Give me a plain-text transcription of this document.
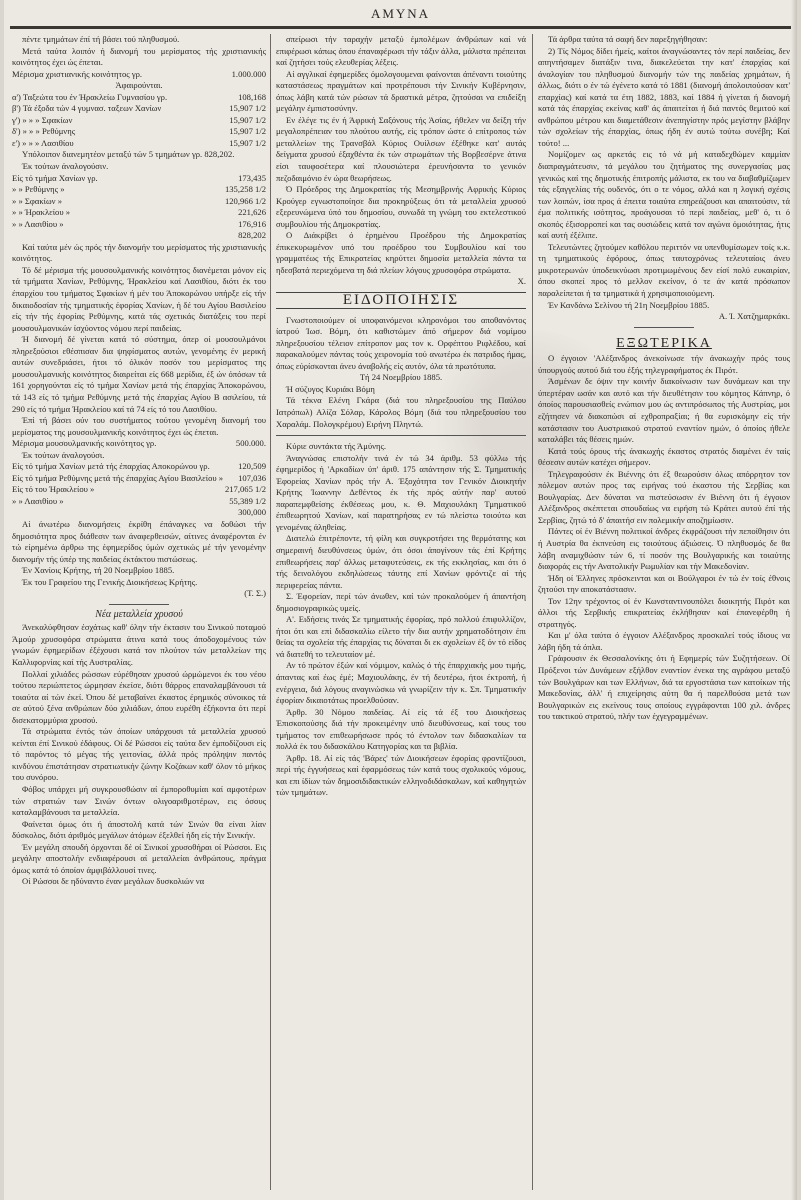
ΑΜΥΝΑ

πέντε τμημάτων έπί τή βάσει τού πληθυσμού.

Μετά ταύτα λοιπόν ή διανομή του μερίσματος τής χριστιανικής κοινότητος έχει ώς έπεται.

Μέρισμα χριστιανικής κοινότητος γρ.	1.000.000

Άφαιρούνται.

α') Ταξεώτα του έν Ήρακλείω Γυμνασίου γρ.	108,168
β') Τά έξοδα τών 4 γυμνασ. ταξεων Χανίων	15,907 1/2
γ') » » » Σφακίων	15,907 1/2
δ') » » » Ρεθύμνης	15,907 1/2
ε') » » » Λασιθίου	15,907 1/2

Υπόλοιπον διανεμητέον μεταξύ τών 5 τμημάτων γρ. 828,202.

Έκ τούτων άναλογούσιν.

Είς τό τμήμα Χανίων γρ.	173,435
» » Ρεθύμνης »	135,258 1/2
» » Σφακίων »	120,966 1/2
» » Ήρακλείου »	221,626
» » Λασιθίου »	176,916
828,202

Καί ταύτα μέν ώς πρός τήν διανομήν του μερίσματος τής χριστιανικής κοινότητος.

Τό δέ μέρισμα τής μουσουλμανικής κοινότητος διανέμεται μόνον είς τά τμήματα Χανίων, Ρεθύμνης, Ήρακλείου καί Λασιθίου, διότι έκ του έπαρχίου του τμήματος Σφακίων ή μέν του Άποκορώνου υπήρξε είς τήν δικαιοδοσίαν τής τμηματικής έφορίας Χανίων, ή δέ του Αγίου Βασιλείου είς τήν τής έφορίας Ρεθύμνης, κατά τάς σχετικάς διατάξεις του περί μουσουλμανικών ίσχύοντος νόμου περί παιδείας.

Ή διανομή δέ γίνεται κατά τό σύστημα, όπερ οί μουσουλμάνοι πληρεξούσιοι εθέσπισαν δια ψηφίσματος αυτών, γενομένης έν μερική αυτών συνεδριάσει, ήτοι τό όλικόν ποσόν του μερίσματος της μουσουλμανικής κοινότητος διαιρείται είς 668 μερίδια, έξ ών όπόσων τά 161 χορηγούνται είς τό τμήμα Χανίων μετά τής έπαρχίας Άποκορώνου, τά 143 είς τό τμήμα Ρεθύμνης μετά τής έπαρχίας Αγίου Β ασιλείου, τά 290 είς τό τμήμα Ήρακλείου καί τά 74 είς τό του Λασιθίου.

Έπί τή βάσει ούν του συστήματος τούτου γενομένη διανομή του μερίσματος της μουσουλμανικής κοινότητος έχει ώς έπεται.

Μέρισμα μουσουλμανικής κοινότητος γρ.	500.000.

Έκ τούτων άναλογούσι.

Είς τό τμήμα Χανίων μετά τής έπαρχίας Αποκορώνου γρ.	120,509
Είς τό τμήμα Ρεθύμνης μετά τής έπαρχίας Αγίου Βασιλείου » 107,036
Είς τό του Ήρακλείου »	217,065 1/2
» » Λασιθίου »	55,389 1/2
300,000

Αί άνωτέρω διανομήσεις έκρίθη έπάναγκες να δοθώσι τήν δημοσιότητα προς διάθεσιν των άναφερθεισών, αίτινες άναφέρονται έν τώ είρημένω άρθρω της έφημερίδος ύμών σχετικώς μέ τήν γενομένην διανομήν τής ύπέρ της παιδείας έκτάκτου πιστώσεως.

Έν Χανίοις Κρήτης, τή 20 Νοεμβρίου 1885.

Έκ του Γραφείου της Γενικής Διοικήσεως Κρήτης.

(Τ. Σ.)
Νέα μεταλλεία χρυσού

Άνεκαλύφθησαν έσχάτως καθ' όλην τήν έκτασιν του Σινικού ποταμού Άμούρ χρυσοφόρα στρώματα άτινα κατά τους άποδοχομένους τών γνωμών έφημερίδων έξέχουσι κατά τον πλούτον τών μεταλλείων της Καλλιφορνίας καί τής Αυστραλίας.

Πολλαί χιλιάδες ρώσσων εύρέθησαν χρυσού ώρμώμενοι έκ του νέου τούτου περιώπτετος ώρμησαν έκείσε, διότι θάρρος επαναλαμβάνουσι τά τοιαύτα αί τών έκεί. Όπου δέ μεταβαίνει έκαστος έρημικός σύνοικος τά σε αύτού ξένα ανθρώπων δύο χιλιάδων, όπου ευρέθη έξήκοντα ότι περί δισεκατομμύρια χρυσού.

Τά στρώματα έντός τών όποίων υπάρχουσι τά μεταλλεία χρυσού κείνται έπί Σινικού έδάφους. Οί δέ Ρώσσοι είς ταύτα δεν έμποδίζουσι είς τό παρόντος τό μέγας τής γειτονίας, άλλά πρός πρόληψιν παντός κινδύνου έπιστάτησαν στρατιωτικήν ζώνην Κοζάκων καθ' όλον τό μήκος του συνόρου.

Φόβος υπάρχει μή συγκρουσθώσιν αί έμποροθυμίαι καί αμφοτέρων τών στρατιών των Σινών όντων ολιγοαριθμοτέρων, εις όσους καταλαμβάνουσι τα μεταλλεία.

Φαίνεται όμως ότι ή άποστολή κατά τών Σινών θα είναι λίαν δύσκολος, διότι άριθμός μεγάλων άτόμων έξελθεί ήδη είς τήν Σινικήν.

Έν μεγάλη σπουδή όρχονται δέ οί Σινικοί χρυσοθήραι οί Ρώσσοι. Εις μεγάλην αποστολήν ενδιαφέρουσι αί μεταλλείαι άνθρώπους, πράγμα όμως κατά τό όποίον άμφιβάλλουσί τινες.

Οί Ρώσσοι δε ηδύναντο έναν μεγάλων δυσκολιών να

σπείρωσι τήν ταραχήν μεταξύ έμπολέμων άνθρώπων καί νά επιφέρωσι κάπως όπου έπαναφέρωσι τήν τάξιν άλλα, μάλιστα πρέπειται καί ζητήσει τούς ελευθερίας λέξεις.

Αί αγγλικαί έφημερίδες όμολογουμεναι φαίνονται άπέναντι τοιούτης καταστάσεως πραγμάτων καί προτρέπουσι τήν Σινικήν Κυβέρνησιν, όπως λάβη κατά τών ρώσων τά δραστικά μέτρα, ζητούσαι να επιδείξη μεγάλην έμπιστοσύνην.

Εν έλέγε τις έν ή Άφρική Σαξόνους τής Άσίας, ήθελεν να δείξη τήν μεγαλοπρέπειαν του πλούτου αυτής, είς τρόπον ώστε ό επίτροπος τών μεταλλείων της Τρανσβάλ Κύριος Ουίλσων έξέθηκε κατ' αυτάς δείγματα χρυσού έξαχθέντα έκ τών στρωμάτων τής Βορβεσέρνε άτινα είσι ταυφοσέτερα καί πλουσιώτερα έρευνήσαντα το γενικόν πεζοδαιμόνιο έν ώρα θεωρήσεως.

Ό Πρόεδρος της Δημοκρατίας τής Μεσημβρινής Αφρικής Κύριος Κρούγερ εγνωστοποίησε δια προκηρύξεως ότι τά μεταλλεία χρυσού εξερευνώμενα ύπό του δημοσίου, συνωδά τη γνώμη του εκτελεστικού συμβουλίου τής Δημοκρατίας.

Ο Διάκρίβει ό έρημένου Προέδρου τής Δημοκρατίας έπικεκυρωμένον υπό του προέδρου του Συμβουλίου καί του γραμματέως τής Επικρατείας κηρύττει δημοσία μεταλλεία πάντα τα ηδεσβατά περιεχόμενα τη διά πλείων λόγους χρυσοφόρα στρώματα.

Χ.
ΕΙΔΟΠΟΙΗΣΙΣ

Γνωστοποιούμεν οί υποφαινόμενοι κληρονόμοι του αποθανόντος ίατρού Ίωσ. Βόμη, ότι καθιστώμεν άπό σήμερον διά νομίμου πληρεξουσίου τέλειον επίτροπον μας τον κ. Ορφέπτου Ριφλέδου, καί παρακαλούμεν πάντας τούς χειρονομία τού ανωτέρω έκ πατριδος ήμας, όπως εύρίσκονται άνευ άναβολής είς αυτόν, όλα τά πρωτότυπα.

Τή 24 Νοεμβρίου 1885.

Ή σύζυγος Κυριάκι Βόμη

Τά τέκνα Ελένη Γκάρα (διά του πληρεξουσίου της Παύλου Ιατρόπωλ) Αλίζα Σόλαρ, Κάρολος Βόμη (διά του πληρεξουσίου του Χαραλάμ. Πολογκρέμου) Ειρήνη Πληντώ.

Κύριε συντάκτα τής Άμύνης.

Άναγνώσας επιστολήν τινά έν τώ 34 άριθμ. 53 φύλλω τής έφημερίδος ή 'Αρκαδίων ύπ' άριθ. 175 απάντησιν τής Σ. Τμηματικής Έφορείας Χανίων πρός τήν Α. Έξοχότητα τον Γενικόν Διοικητήν Κρήτης Ίωαννην Δεθέντος έκ τής πρός αύτήν παρ' αυτού παραπεμφθείσης έκθέσεως μου, κ. Θ. Μαχιουλάκη Τμηματικού έπιθεωρητού Χανίων, καί παρατηρήσας εν τώ πλείστω τοιούτω και γενομένας άληθείας.

Διατελώ έπιτρέποντε, τή φίλη και συγκροτήσει της θερμότατης και σημεραινή διευθύνσεως ύμών, ότι όσοι άπογίνουν τάς έπί Κρήτης επιθεωρήσεις παρ' άλλως μεταφυτεύσεις, εκ τής εκκλησίας, και ότι ό τής δεινολόγου εκδηλώσεως τάυτης επί Χανίων φρόντιζε αί τής περιφερείας πάντα.

Σ. Έφορείαν, περί τών άνωθεν, καί τών προκαλούμεν ή άπαντήση δημοσιογραφικώς υμείς.

Α'. Ειδήσεις τινάς Σε τμηματικής έφορίας, πρό πολλού έπιφυλλίζον, ήτοι ότι και επί διδασκαλίω είλετο τήν δια αυτήν χρηματοδότησιν έπι θείας τα σχολεία τής έπαρχίας τις δύναται δι εκ σχολείων έξ όν τό είδος νά διατεθή το τελευταίον μέ.

Αν τό πρώτον έξών καί νόμιμον, καλώς ό τής έπαρχιακής μου τιμής, άπαντας καί έως έμέ; Μαχιουλάκης, έν τή δευτέρω, ήτοι έκτροπή, ή ενέργεια, διά λόγους αναγινώσκω νά γνωρίζειν τήν κ. Σπ. Τμηματικήν έφορίαν δικαιοτάτως προελθούσαν.

Άρθρ. 30 Νόμου παιδείας. Αί είς τά έξ του Διοικήσεως Έπισκοπούσης διά τήν προκειμένην υπό διευθύνσεως, καί τους του τμήματος τον επιθεωρήσωσε πρός τό έντολον των διδασκαλίων τα πολλά έκ του διδασκάλου Κατηγορίας και τα βιβλία.

Άρθρ. 18. Αί είς τάς 'Βάρες' τών Διοικήσεων έφορίας φροντίζουσι, περί τής έγγυήσεως καί έφαρμόσεως τών κατά τους σχολικούς νόμους, και επι ίδίων τών δημοσιδιδακτικών ελληνοδιδάσκαλων, καί καθηγητών τών τμημάτων.

Τά άρθρα ταύτα τά σαφή δεν παρεξηγήθησαν:

2) Τίς Νόμος δίδει ήμείς, καίτοι άναγνώσαντες τόν περί παιδείας, δεν απηντήσαμεν διατάξιν τινα, διακελεύεται την κατ' έπαρχίας καί άναλογίαν του πληθυσμού διανομήν τών της παιδείας χρημάτων, ή άλλως, διότι ο έν τώ έγένετο κατά τό 1881 (διανομή άπολοιπούσαν κατ' επαρχίας) καί κατά τα έτη 1882, 1883, καί 1884 ή γίνεται ή διανομή κατά τάς έπαρχίας εκείνας καθ' άς άπαιτείται ή διά παντός θεμιτού καί ανθρώπου μέτρου και διαμετάθεσιν άνεπηγίστην πρός μεγίστην βλάβην τών σχολείων τής έπαρχίας, όπως ήδη έν αυτώ τούτω συνέβη; Καί τούτο! ...

Νομίζομεν ως αρκετάς εις τό νά μή καταδεχθώμεν καμμίαν διαπραγμάτευσιν, τά μεγάλου του ζητήματος της συνεργασίας μας γενικώς καί της δημοτικής έπιτροπής μάλιστα, εκ του να διαβαθμίζωμεν τάς εξαγγελίας τής ουδενός, ότι ο τε νόμος, αλλά και η λογική σχέσις των λοιπών, ίσα προς ά έπειτα τοιαύτα επηρεάζουσι και απαιτούσιν, τά έμα πολιτικής ισότητος, προάγουσαι τό περί παιδείας, μεθ' ό, τι ό σκοπός έξισορροπεί και τας ουσιώδεις κατά τον αγώνα όμοιότητας, ήτις καί αυτή έξέλιπε.

Τελευτώντες ζητούμεν καθόλου περιττόν να υπενθυμίσωμεν τοίς κ.κ. τη τμηματικούς έφόρους, όπως ταυτοχρόνως τελευταίοις άνευ μικροτερωνών ύποδεικνύωσι προτιμωμένους δεν είσί πολύ ευκαιρίαν, όπου σκοπεί προς τό μελλον εκείνον, ό τε άν κατά πρόσωπον παραλείπεται ή τα τμηματικά ή χρησιμοποιούμενη.

Έν Κανδάνω Σελίνου τή 21η Νοεμβρίου 1885.

Α. Ί. Χατζημαρκάκι.
ΕΞΩΤΕΡΙΚΑ

Ο έγγοιον 'Αλέξανδρος άνεκοίνωσε τήν άνακωχήν πρός τους ύπουργούς αυτού διά του έξής τηλεγραφήματος έκ Πιρότ.

Άσμένων δε όψιν την κοινήν διακοίνωσιν των δυνάμεων και την ύπερτέραν ωσάν και αυτό και τήν διευθέτησιν του κόμητος Κάπνηρ, ό όποίος παρουσιασθείς ενώπιον μου ώς αντιπρόσωπος τής Αυστρίας, μοι εζήτησεν νά διακοπώσι αί εχθροπραξίαι; ή θα ευρισκόμην είς τήν κατάστασιν του Αυστριακού στρατού εναντίον ημών, ό όποίος ήθελε καταλάβει τάς θέσεις ημών.

Κατά τούς όρους τής άνακωχής έκαστος στρατός διαμένει έν ταίς θέσεσιν αυτών κατέχει σήμερον.

Τηλεγραφούσιν έκ Βιέννης ότι έξ θεωρούσιν όλως απόρρητον τον πόλεμον αυτών προς τας ειρήνας τού έκαστου τής Σερβίας και Βουλγαρίας. Δεν δύναται να πιστεύσωσιν έν Βιέννη ότι ή έγγοιον Αλέξανδρος σκέπτεται σπουδαίως να ειρήση τώ Κράτει αυτού έπί τής Σερβίας, ζητώ τό δ' άπαιτήσ ειν πολεμικήν αποζημίωσιν.

Πάντες οί έν Βιέννη πολιτικοί άνδρες έκφράζουσι τήν πεποίθησιν ότι ή Αυστρία θα έκπνεύση εις τοιούτους άξιώσεις. Ό πληθυσμός δε θα λάβη αναμιχθώσιν τών 6, τί ποσόν της Βουλγαρικής και τοιαύτης διαφοράς εις τήν Ανατολικήν Ρωμυλίαν και τήν Μακεδονίαν.

Ήδη οί Έλληνες πρόσκεινται και οι Βούλγαροι έν τώ έν τοίς έθνοις ζητούσι την αποκατάστασιν.

Τον 12ην τρέχοντος οί έν Κωνσταντινουπόλει διοικητής Πιρότ και άλλοι τής Σερβικής επικρατείας έκλήθησαν καί έπανεφέρθη ή στρατηγός.

Και μ' όλα ταύτα ό έγγοιον Αλέξανδρος προσκαλεί τούς ίδιους να λάβη ήδη τά όπλα.

Γράφουσιν έκ Θεσσαλονίκης ότι ή Εφημερίς τών Συζητήσεων. Οί Πρόξενοι τών Δυνάμεων εξήλθον εναντίον ένεκα της αγράφου μεταξύ τών Βουλγάρων και των Ελλήνων, διά τα εργοστάσια των κατοίκων τής Μακεδονίας, άλλ' ή επιχείρησις αύτη θα ή παρελθούσα μετά των Βουλγαρικών εις εκείνους τους οποίους εγγράφονται 100 χιλ. άνδρες του τακτικού στρατού, πλήν των έχγεγραμμένων.
